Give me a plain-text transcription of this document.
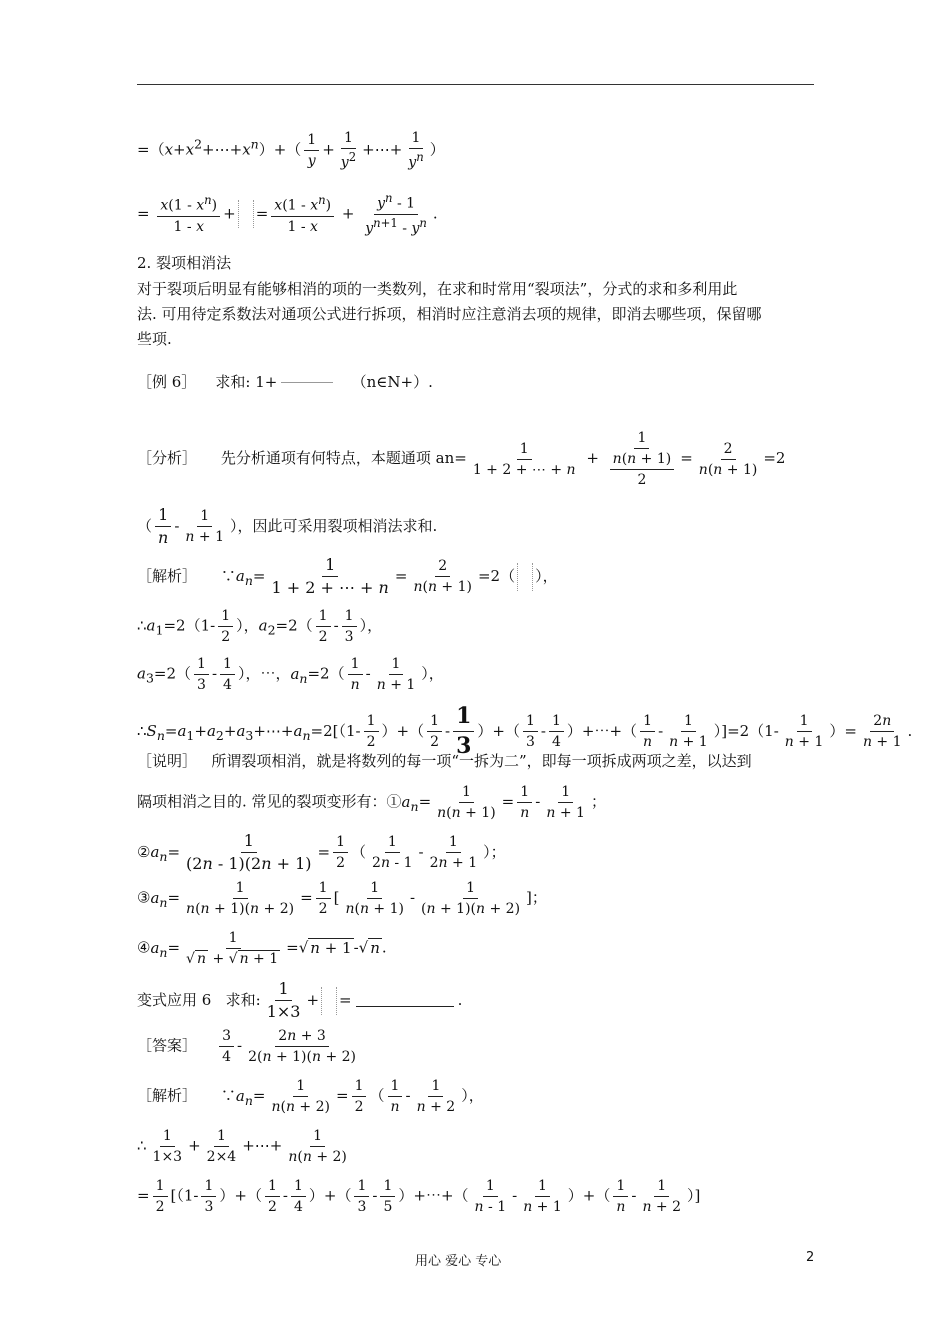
$=(x+x^2+\cdots+x^n)+( \frac{1}{y} + \frac{1}{y^2}$ +⋯+ $\frac{1}{y^n}$ ）
= $\frac{x(1 - x^n)}{1 - x}$ + = $\frac{x(1 - x^n)}{1 - x} + \frac{y^n - 1}{y^{n+1} - y^n}$ .
2. 裂项相消法
对于裂项后明显有能够相消的项的一类数列，在求和时常用“裂项法”，分式的求和多利用此
法. 可用待定系数法对通项公式进行拆项，相消时应注意消去项的规律，即消去哪些项，保留哪
些项.
［例 6］ 求和: 1+	（n∈N+）.
［分析］ 先分析通项有何特点，本题通项 $an= \frac{1}{1 + 2 + \cdots + n} + \frac{1}{\frac{n(n + 1)}{2}} = \frac{2}{n(n + 1)} =2$
（ $\frac{1}{n} - \frac{1}{n + 1}$ ），因此可采用裂项相消法求和.
［解析］     $\because a_n= \frac{1}{1 + 2 + \cdots + n} = \frac{2}{n(n + 1)} =2$（ ），
$\therefore a_1=2(1- \frac{1}{2}$ ），$a_2=2( \frac{1}{2} - \frac{1}{3}$ ），
$a_3=2( \frac{1}{3} - \frac{1}{4}$ ），⋯，$a_n=2( \frac{1}{n} - \frac{1}{n + 1}$ ），
$\therefore S_n=a_1+a_2+a_3+\cdots+a_n=2[(1- \frac{1}{2}$ ）+（ $\frac{1}{2} - \frac{1}{3}$ ）+（ $\frac{1}{3} - \frac{1}{4}$ ）+⋯+（ $\frac{1}{n} - \frac{1}{n + 1} )]=2(1- \frac{1}{n + 1}$ ）= $\frac{2n}{n + 1}$ .
［说明］ 所谓裂项相消，就是将数列的每一项“一拆为二”，即每一项拆成两项之差，以达到
隔项相消之目的. 常见的裂项变形有：$①a_n= \frac{1}{n(n + 1)} = \frac{1}{n} - \frac{1}{n + 1}$ ；
$②a_n= \frac{1}{(2n - 1)(2n + 1)} = \frac{1}{2}$ （ $\frac{1}{2n - 1} - \frac{1}{2n + 1}$ ）；
$③a_n= \frac{1}{n(n + 1)(n + 2)} = \frac{1}{2}$ [ $\frac{1}{n(n + 1)} - \frac{1}{(n + 1)(n + 2)}$ ]；
$④a_n= \frac{1}{√ n + √ n + 1}$ =√ n + 1 -√ n .
变式应用 6 求和: $\frac{1}{1\times 3}$ + =	.
［答案］ $\frac{3}{4} - \frac{2n + 3}{2(n + 1)(n + 2)}$
［解析］     $\because a_n= \frac{1}{n(n + 2)} = \frac{1}{2}$ （ $\frac{1}{n} - \frac{1}{n + 2}$ ），
∴ $\frac{1}{1\times 3} + \frac{1}{2\times 4}$ +⋯+ $\frac{1}{n(n + 2)}$
= $\frac{1}{2} [(1- \frac{1}{3}$ ）+（ $\frac{1}{2} - \frac{1}{4}$ ）+（ $\frac{1}{3} - \frac{1}{5}$ ）+⋯+（ $\frac{1}{n - 1} - \frac{1}{n + 1}$ ）+（ $\frac{1}{n} - \frac{1}{n + 2}$ ）]
用心 爱心 专心	2
